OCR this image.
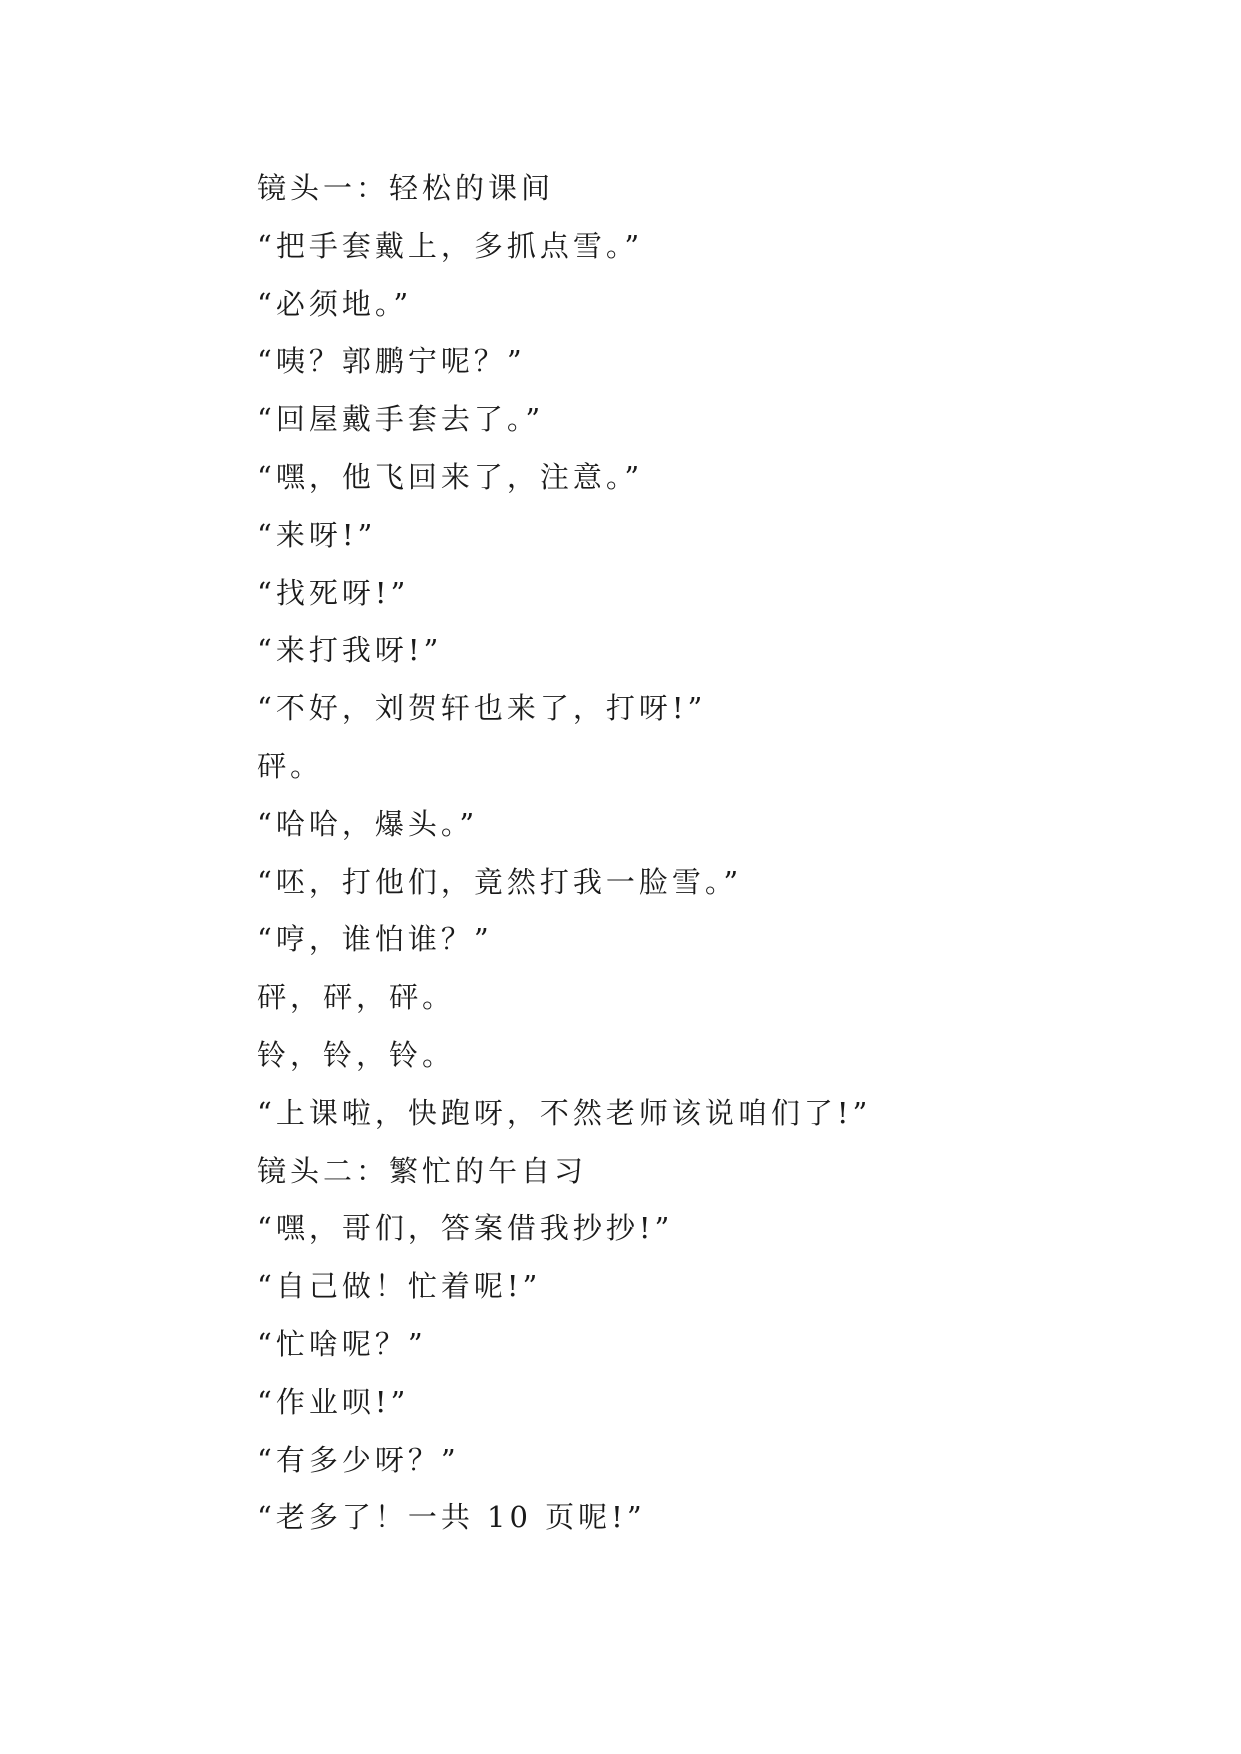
镜头一：轻松的课间
“把手套戴上，多抓点雪。”
“必须地。”
“咦？郭鹏宁呢？”
“回屋戴手套去了。”
“嘿，他飞回来了，注意。”
“来呀!”
“找死呀!”
“来打我呀!”
“不好，刘贺轩也来了，打呀!”
砰。
“哈哈，爆头。”
“呸，打他们，竟然打我一脸雪。”
“哼，谁怕谁？”
砰，砰，砰。
铃，铃，铃。
“上课啦，快跑呀，不然老师该说咱们了!”
镜头二：繁忙的午自习
“嘿，哥们，答案借我抄抄!”
“自己做！忙着呢!”
“忙啥呢？”
“作业呗!”
“有多少呀？”
“老多了！一共 10 页呢!”
